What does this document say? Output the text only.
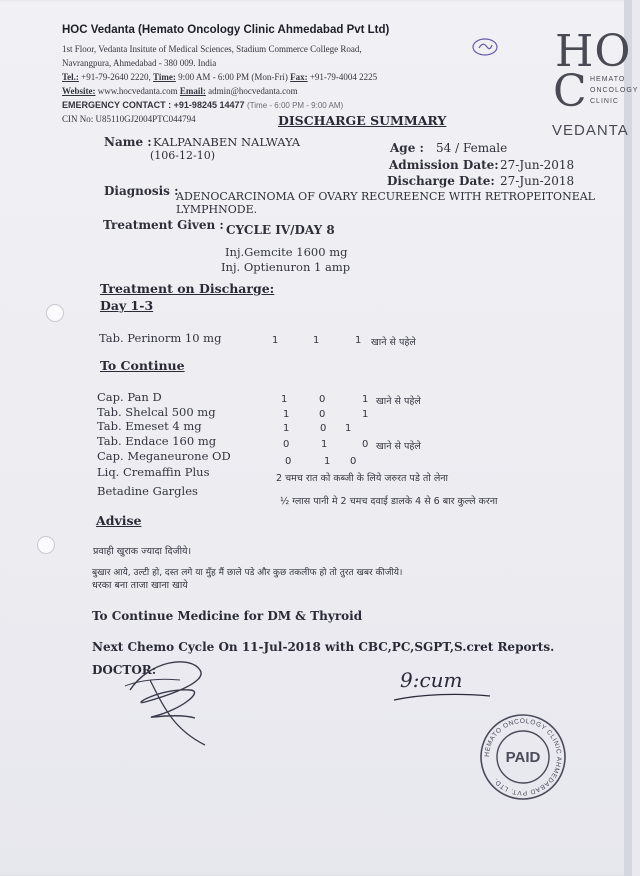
HOC Vedanta (Hemato Oncology Clinic Ahmedabad Pvt Ltd)
1st Floor, Vedanta Insitute of Medical Sciences, Stadium Commerce College Road,
Navrangpura, Ahmedabad - 380 009. India
Tel.: +91-79-2640 2220, Time: 9:00 AM - 6:00 PM (Mon-Fri) Fax: +91-79-4004 2225
Website: www.hocvedanta.com Email: admin@hocvedanta.com
EMERGENCY CONTACT : +91-98245 14477 (Time - 6:00 PM - 9:00 AM)
CIN No: U85110GJ2004PTC044794
HO
C HEMATO
ONCOLOGY
CLINIC
VEDANTA
DISCHARGE SUMMARY
Name : KALPANABEN NALWAYA
(106-12-10)
Age : 54 / Female
Admission Date: 27-Jun-2018
Discharge Date: 27-Jun-2018
Diagnosis :
ADENOCARCINOMA OF OVARY RECUREENCE WITH RETROPEITONEAL
LYMPHNODE.
Treatment Given : CYCLE IV/DAY 8
Inj.Gemcite 1600 mg
Inj. Optienuron 1 amp
Treatment on Discharge:
Day 1-3
Tab. Perinorm 10 mg	1	1	1 खाने से पहेले
To Continue
Cap. Pan D	1	0	1 खाने से पहेले
Tab. Shelcal 500 mg	1	0	1
Tab. Emeset 4 mg	1	0 1
Tab. Endace 160 mg	0	1	0 खाने से पहेले
Cap. Meganeurone OD	0	1 0
Liq. Cremaffin Plus	2 चमच रात को कब्जी के लिये जरुरत पडे तो लेना
Betadine Gargles
½ ग्लास पानी मे 2 चमच दवाई डालके 4 से 6 बार कुल्ले करना
Advise
प्रवाही खुराक ज्यादा दिजीये।
बुखार आये, उल्टी हो, दस्त लगे या मुँह मैं छाले पडे और कुछ तकलीफ हो तो तुरत खबर कीजीये।
धरका बना ताजा खाना खाये
To Continue Medicine for DM & Thyroid
Next Chemo Cycle On 11-Jul-2018 with CBC,PC,SGPT,S.cret Reports.
DOCTOR:	9:cum
HEMATO ONCOLOGY CLINIC AHMEDABAD PVT. LTD.
PAID
